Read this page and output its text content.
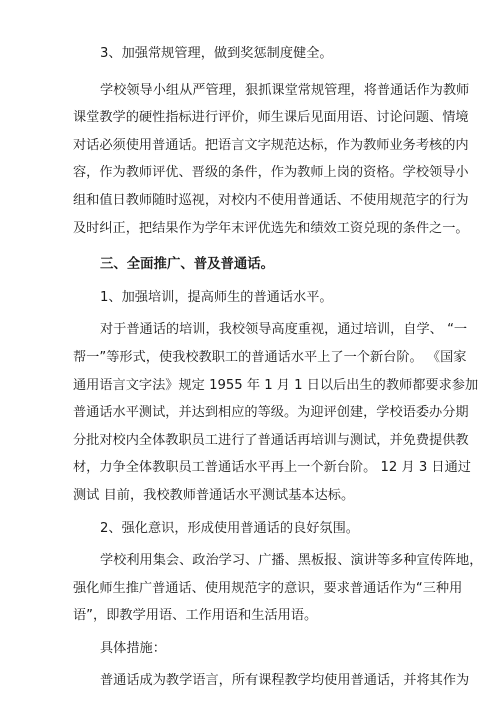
3、加强常规管理，做到奖惩制度健全。

学校领导小组从严管理，狠抓课堂常规管理，将普通话作为教师
课堂教学的硬性指标进行评价，师生课后见面用语、讨论问题、情境
对话必须使用普通话。把语言文字规范达标，作为教师业务考核的内
容，作为教师评优、晋级的条件，作为教师上岗的资格。学校领导小
组和值日教师随时巡视，对校内不使用普通话、不使用规范字的行为
及时纠正，把结果作为学年末评优选先和绩效工资兑现的条件之一。

三、全面推广、普及普通话。

1、加强培训，提高师生的普通话水平。

对于普通话的培训，我校领导高度重视，通过培训，自学、 “一
帮一”等形式，使我校教职工的普通话水平上了一个新台阶。 《国家
通用语言文字法》规定 1955 年 1 月 1 日以后出生的教师都要求参加
普通话水平测试，并达到相应的等级。为迎评创建，学校语委办分期
分批对校内全体教职员工进行了普通话再培训与测试，并免费提供教
材，力争全体教职员工普通话水平再上一个新台阶。 12 月 3 日通过
测试 目前，我校教师普通话水平测试基本达标。

2、强化意识，形成使用普通话的良好氛围。

学校利用集会、政治学习、广播、黑板报、演讲等多种宣传阵地，
强化师生推广普通话、使用规范字的意识，要求普通话作为“三种用
语”，即教学用语、工作用语和生活用语。

具体措施：

普通话成为教学语言，所有课程教学均使用普通话，并将其作为
